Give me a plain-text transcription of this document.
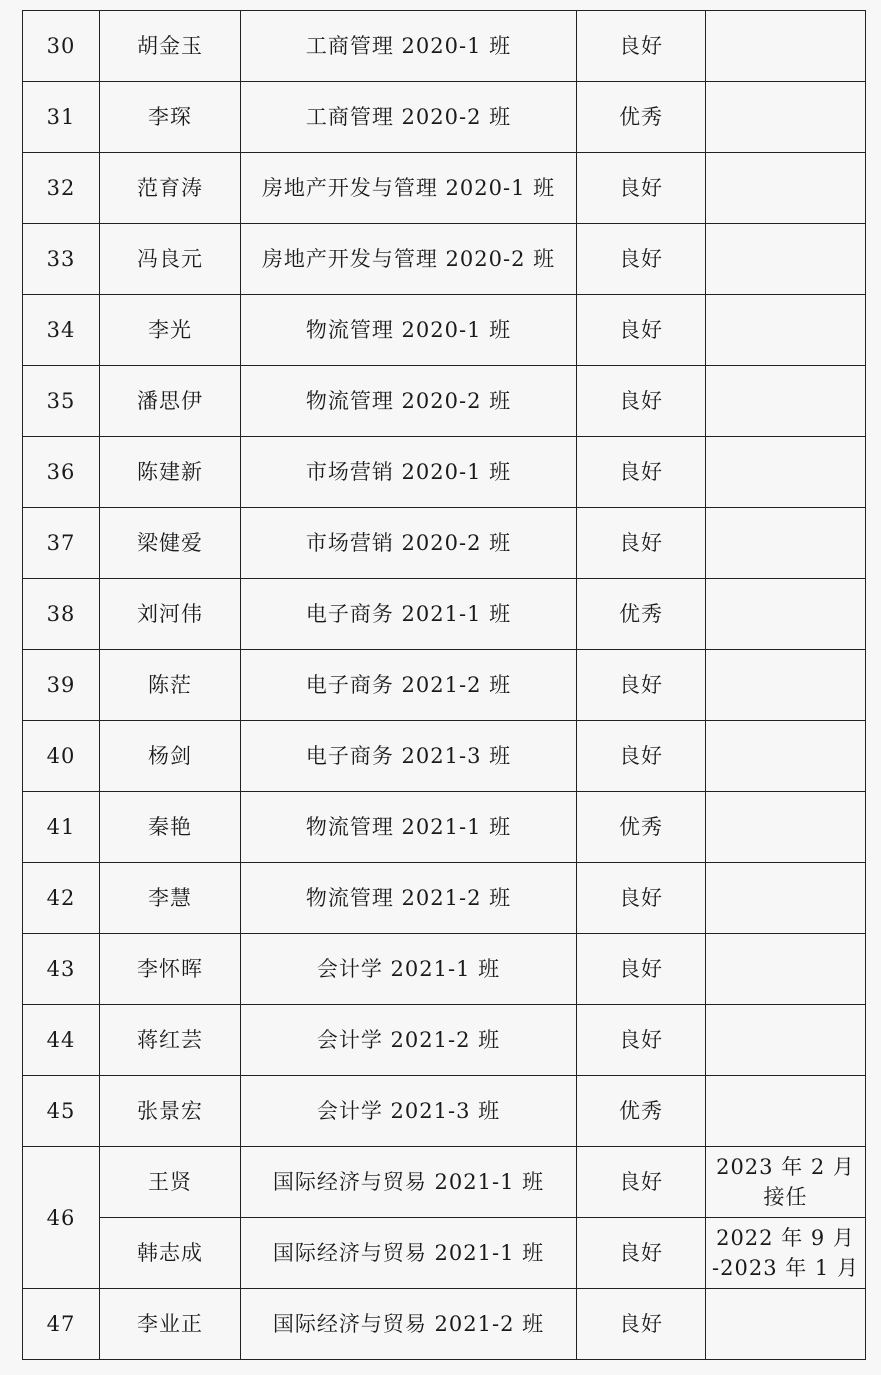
30	胡金玉	工商管理 2020-1 班	良好	
31	李琛	工商管理 2020-2 班	优秀	
32	范育涛	房地产开发与管理 2020-1 班	良好	
33	冯良元	房地产开发与管理 2020-2 班	良好	
34	李光	物流管理 2020-1 班	良好	
35	潘思伊	物流管理 2020-2 班	良好	
36	陈建新	市场营销 2020-1 班	良好	
37	梁健爱	市场营销 2020-2 班	良好	
38	刘河伟	电子商务 2021-1 班	优秀	
39	陈茫	电子商务 2021-2 班	良好	
40	杨剑	电子商务 2021-3 班	良好	
41	秦艳	物流管理 2021-1 班	优秀	
42	李慧	物流管理 2021-2 班	良好	
43	李怀晖	会计学 2021-1 班	良好	
44	蒋红芸	会计学 2021-2 班	良好	
45	张景宏	会计学 2021-3 班	优秀	
46	王贤	国际经济与贸易 2021-1 班	良好	2023 年 2 月
接任

	韩志成	国际经济与贸易 2021-1 班	良好	2022 年 9 月
-2023 年 1 月

47	李业正	国际经济与贸易 2021-2 班	良好	
